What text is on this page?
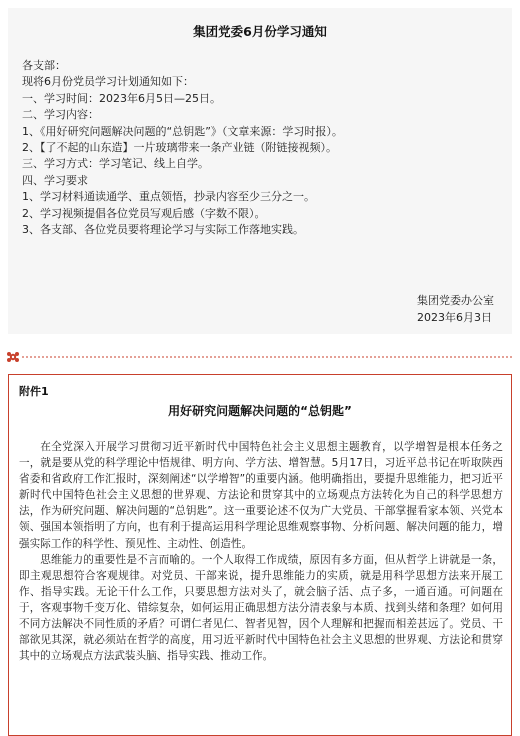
集团党委6月份学习通知

各支部：

现将6月份党员学习计划通知如下：

一、学习时间：2023年6月5日—25日。

二、学习内容：

1、《用好研究问题解决问题的“总钥匙”》（文章来源：学习时报）。

2、【了不起的山东造】一片玻璃带来一条产业链（附链接视频）。

三、学习方式：学习笔记、线上自学。

四、学习要求

1、学习材料通读通学、重点领悟，抄录内容至少三分之一。

2、学习视频提倡各位党员写观后感（字数不限）。

3、各支部、各位党员要将理论学习与实际工作落地实践。

集团党委办公室
2023年6月3日
附件1
用好研究问题解决问题的“总钥匙”

在全党深入开展学习贯彻习近平新时代中国特色社会主义思想主题教育，以学增智是根本任务之一，就是要从党的科学理论中悟规律、明方向、学方法、增智慧。5月17日，习近平总书记在听取陕西省委和省政府工作汇报时，深刻阐述“以学增智”的重要内涵。他明确指出，要提升思维能力，把习近平新时代中国特色社会主义思想的世界观、方法论和贯穿其中的立场观点方法转化为自己的科学思想方法，作为研究问题、解决问题的“总钥匙”。这一重要论述不仅为广大党员、干部掌握看家本领、兴党本领、强国本领指明了方向，也有利于提高运用科学理论思维观察事物、分析问题、解决问题的能力，增强实际工作的科学性、预见性、主动性、创造性。

思维能力的重要性是不言而喻的。一个人取得工作成绩，原因有多方面，但从哲学上讲就是一条，即主观思想符合客观规律。对党员、干部来说，提升思维能力的实质，就是用科学思想方法来开展工作、指导实践。无论干什么工作，只要思想方法对头了，就会脑子活、点子多，一通百通。可问题在于，客观事物千变万化、错综复杂，如何运用正确思想方法分清表象与本质、找到头绪和条理？如何用不同方法解决不同性质的矛盾？可谓仁者见仁、智者见智，因个人理解和把握而相差甚远了。党员、干部欲见其深，就必须站在哲学的高度，用习近平新时代中国特色社会主义思想的世界观、方法论和贯穿其中的立场观点方法武装头脑、指导实践、推动工作。
